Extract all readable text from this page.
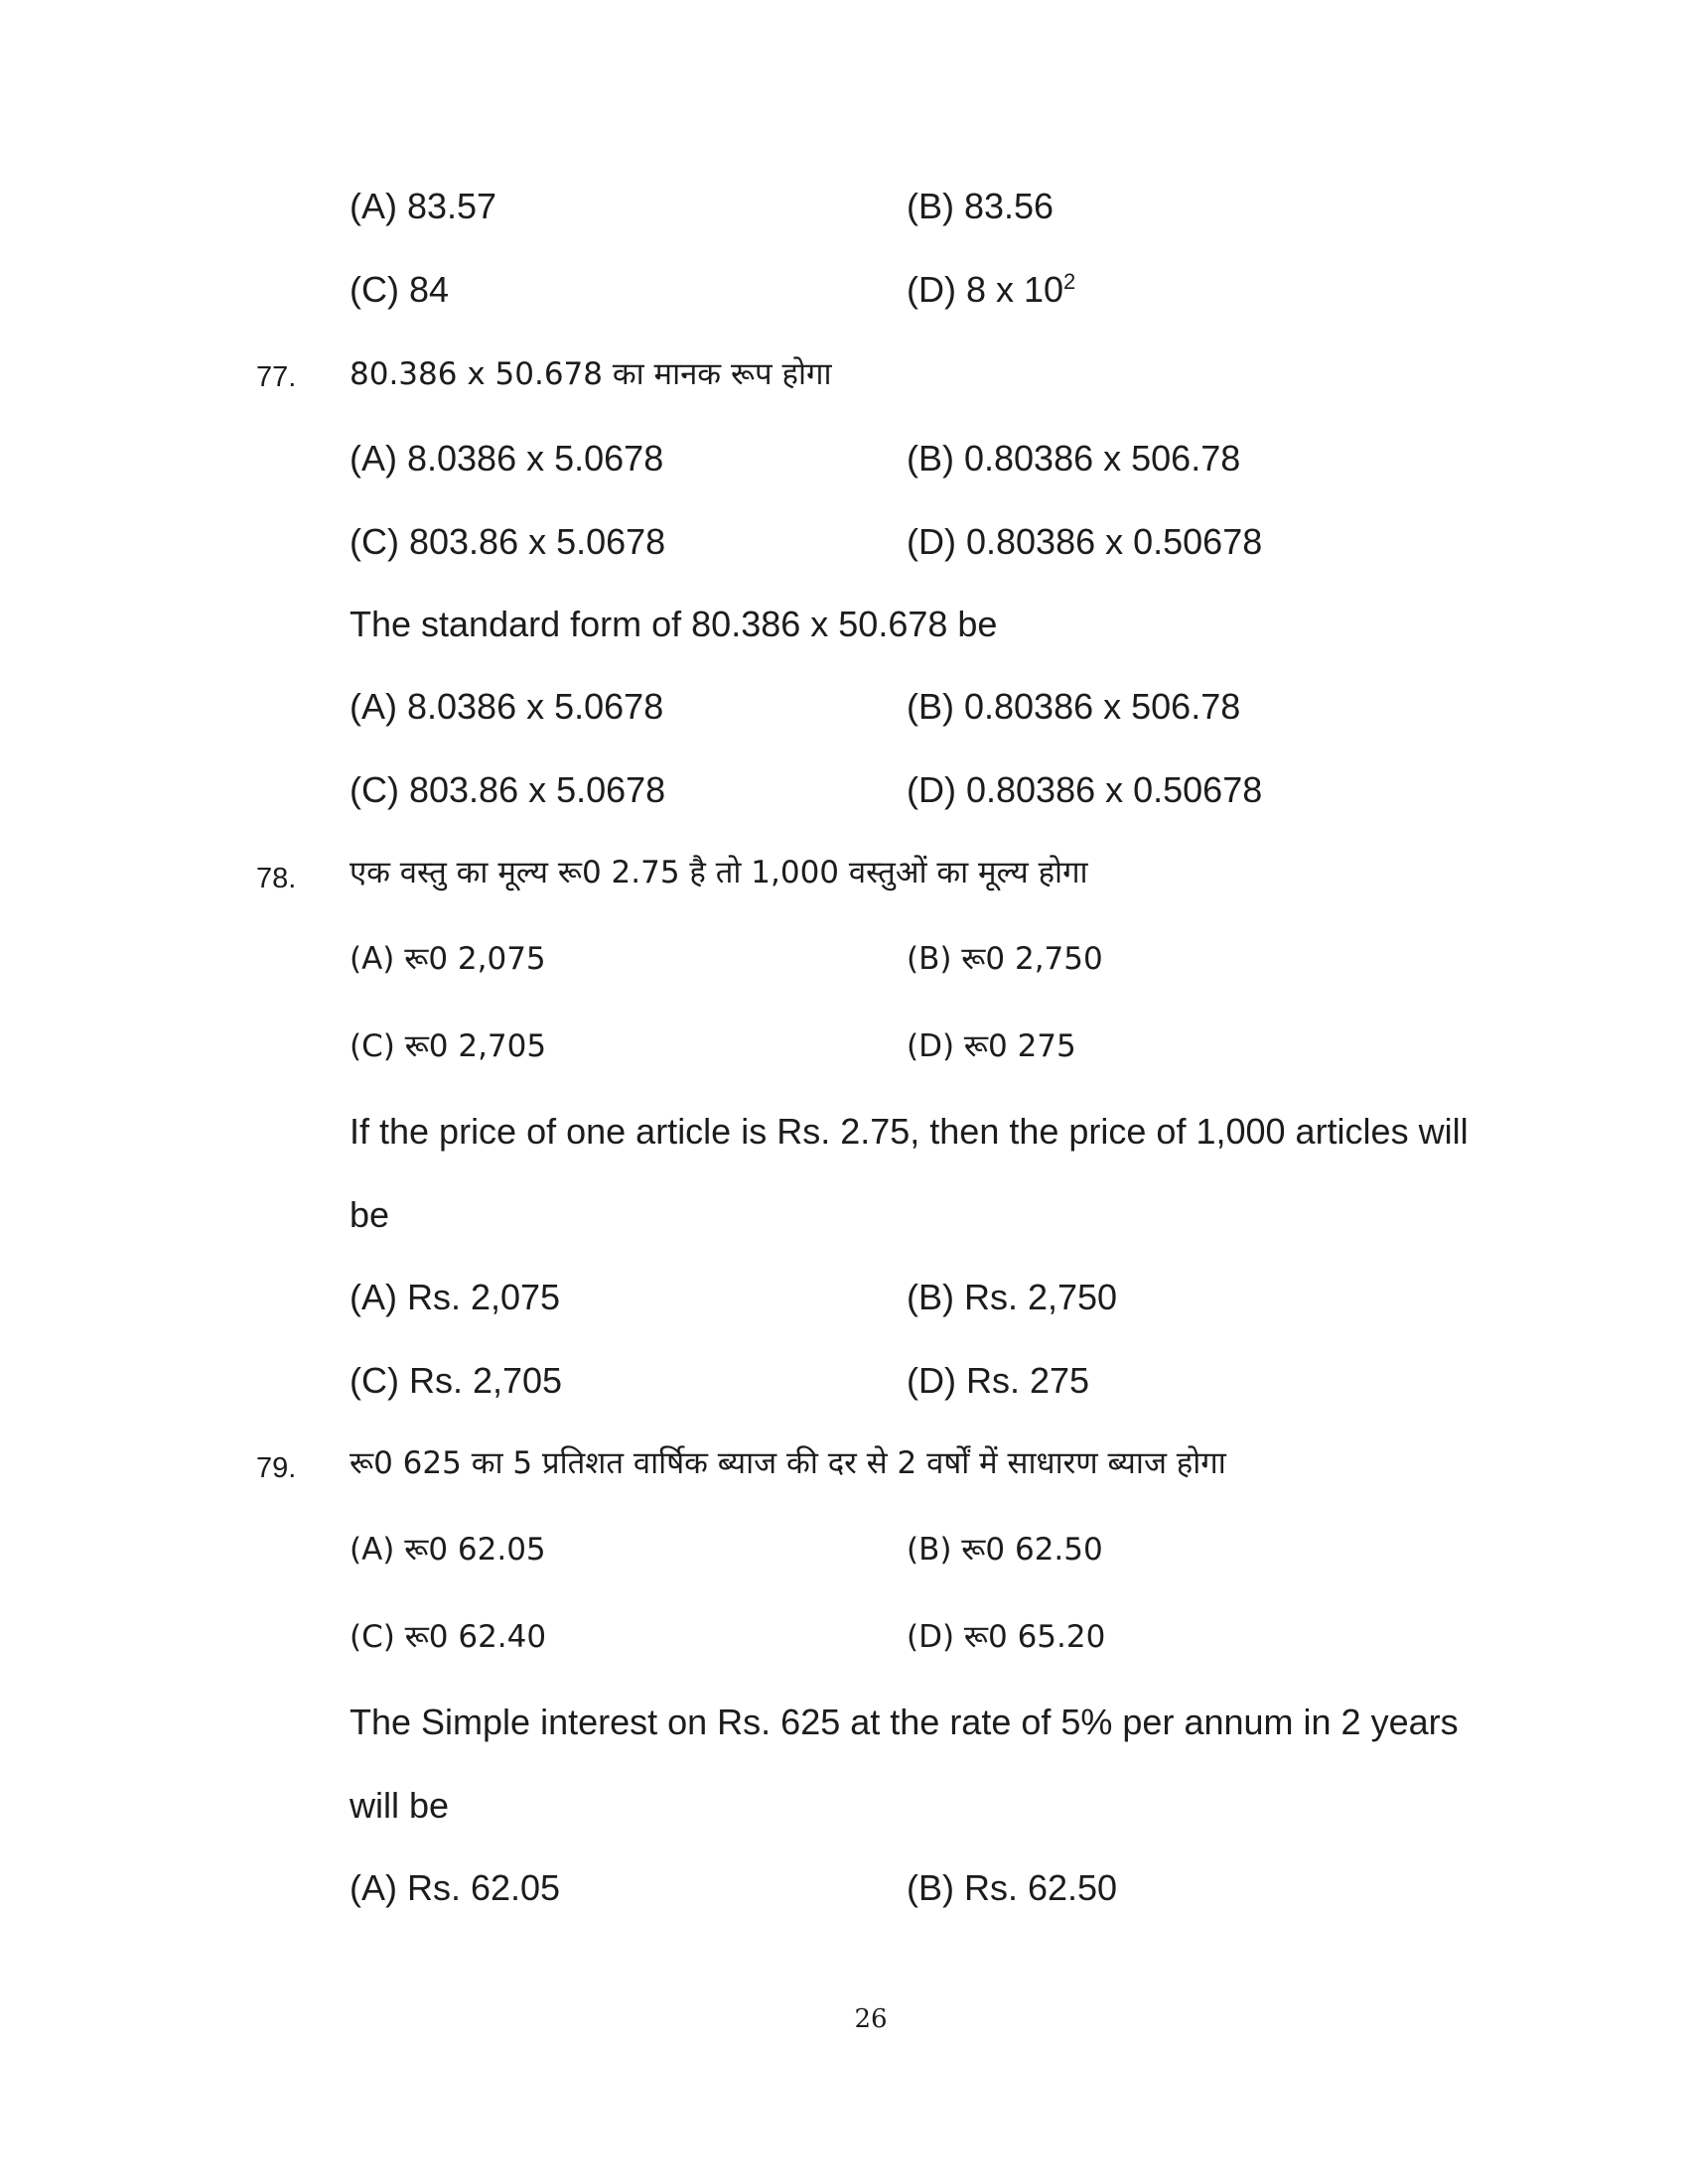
(A) 83.57	(B) 83.56
(C) 84	(D) 8 x $10^2$
77. 80.386 x 50.678 का मानक रूप होगा
(A) 8.0386 x 5.0678	(B) 0.80386 x 506.78
(C) 803.86 x 5.0678	(D) 0.80386 x 0.50678
The standard form of 80.386 x 50.678 be
(A) 8.0386 x 5.0678	(B) 0.80386 x 506.78
(C) 803.86 x 5.0678	(D) 0.80386 x 0.50678
78. एक वस्तु का मूल्य रू0 2.75 है तो 1,000 वस्तुओं का मूल्य होगा
(A) रू0 2,075	(B) रू0 2,750
(C) रू0 2,705	(D) रू0 275
If the price of one article is Rs. 2.75, then the price of 1,000 articles will
be
(A) Rs. 2,075	(B) Rs. 2,750
(C) Rs. 2,705	(D) Rs. 275
79. रू0 625 का 5 प्रतिशत वार्षिक ब्याज की दर से 2 वर्षों में साधारण ब्याज होगा
(A) रू0 62.05	(B) रू0 62.50
(C) रू0 62.40	(D) रू0 65.20
The Simple interest on Rs. 625 at the rate of 5% per annum in 2 years
will be
(A) Rs. 62.05	(B) Rs. 62.50
26
